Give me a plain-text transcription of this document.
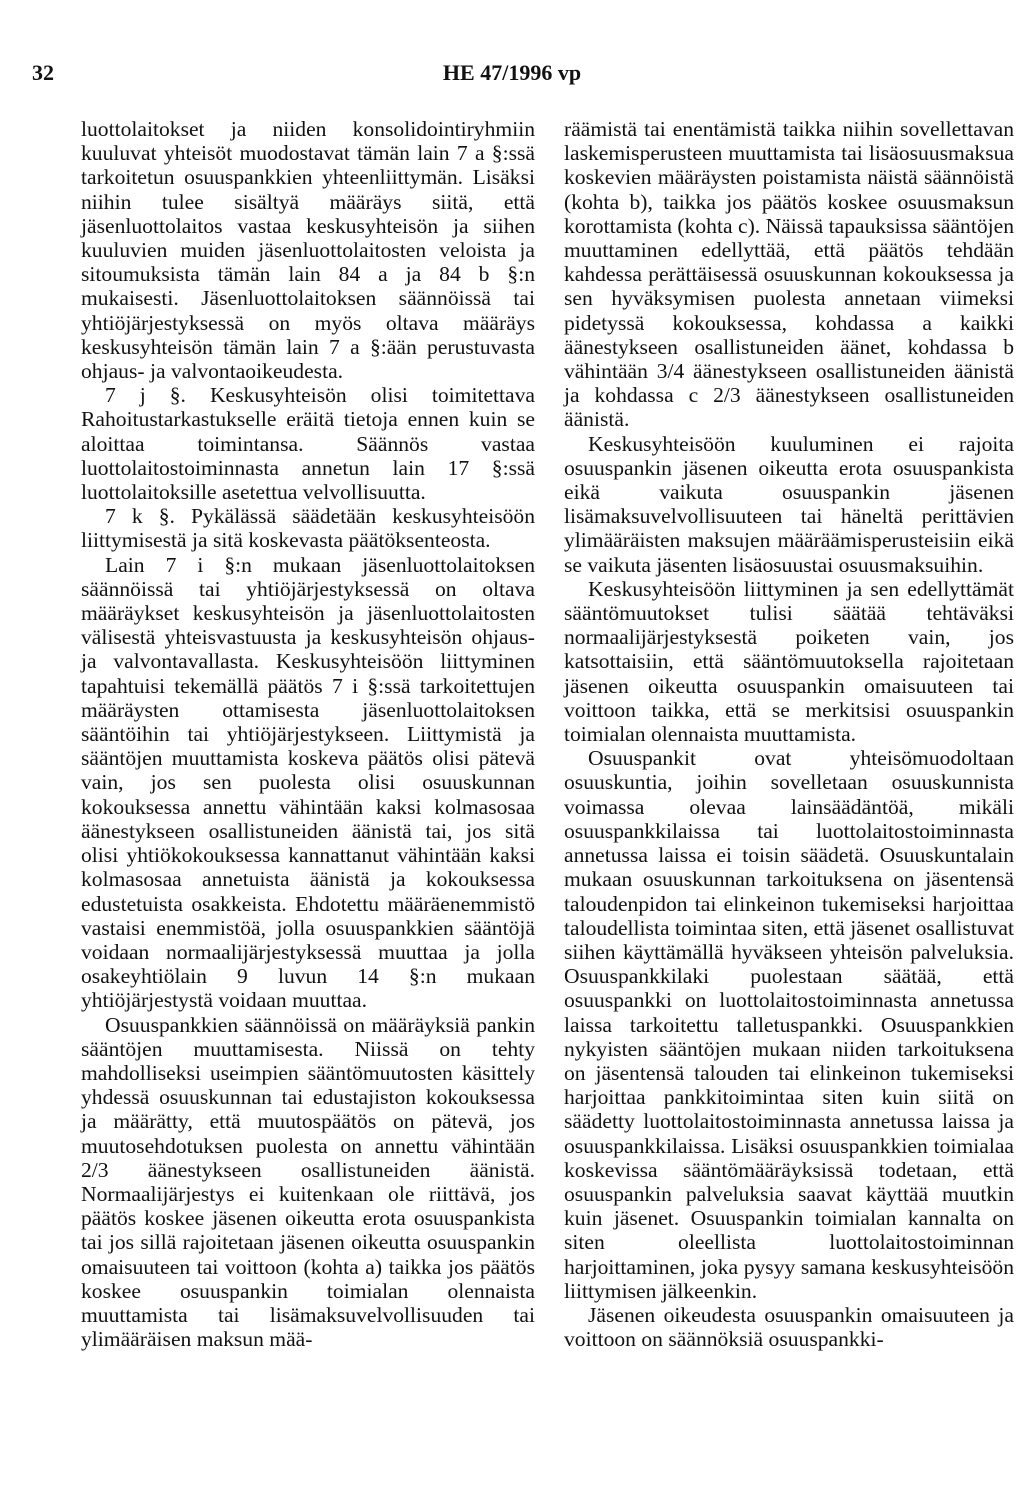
32	HE 47/1996 vp

luottolaitokset ja niiden konsolidointiryhmiin kuuluvat yhteisöt muodostavat tämän lain 7 a §:ssä tarkoitetun osuuspankkien yhteenliittymän. Lisäksi niihin tulee sisältyä määräys siitä, että jäsenluottolaitos vastaa keskusyhteisön ja siihen kuuluvien muiden jäsenluottolaitosten veloista ja sitoumuksista tämän lain 84 a ja 84 b §:n mukaisesti. Jäsenluottolaitoksen säännöissä tai yhtiöjärjestyksessä on myös oltava määräys keskusyhteisön tämän lain 7 a §:ään perustuvasta ohjaus- ja valvontaoikeudesta.

7 j §. Keskusyhteisön olisi toimitettava Rahoitustarkastukselle eräitä tietoja ennen kuin se aloittaa toimintansa. Säännös vastaa luottolaitostoiminnasta annetun lain 17 §:ssä luottolaitoksille asetettua velvollisuutta.

7 k §. Pykälässä säädetään keskusyhteisöön liittymisestä ja sitä koskevasta päätöksenteosta.

Lain 7 i §:n mukaan jäsenluottolaitoksen säännöissä tai yhtiöjärjestyksessä on oltava määräykset keskusyhteisön ja jäsenluottolaitosten välisestä yhteisvastuusta ja keskusyhteisön ohjaus- ja valvontavallasta. Keskusyhteisöön liittyminen tapahtuisi tekemällä päätös 7 i §:ssä tarkoitettujen määräysten ottamisesta jäsenluottolaitoksen sääntöihin tai yhtiöjärjestykseen. Liittymistä ja sääntöjen muuttamista koskeva päätös olisi pätevä vain, jos sen puolesta olisi osuuskunnan kokouksessa annettu vähintään kaksi kolmasosaa äänestykseen osallistuneiden äänistä tai, jos sitä olisi yhtiökokouksessa kannattanut vähintään kaksi kolmasosaa annetuista äänistä ja kokouksessa edustetuista osakkeista. Ehdotettu määräenemmistö vastaisi enemmistöä, jolla osuuspankkien sääntöjä voidaan normaalijärjestyksessä muuttaa ja jolla osakeyhtiölain 9 luvun 14 §:n mukaan yhtiöjärjestystä voidaan muuttaa.

Osuuspankkien säännöissä on määräyksiä pankin sääntöjen muuttamisesta. Niissä on tehty mahdolliseksi useimpien sääntömuutosten käsittely yhdessä osuuskunnan tai edustajiston kokouksessa ja määrätty, että muutospäätös on pätevä, jos muutosehdotuksen puolesta on annettu vähintään 2/3 äänestykseen osallistuneiden äänistä. Normaalijärjestys ei kuitenkaan ole riittävä, jos päätös koskee jäsenen oikeutta erota osuuspankista tai jos sillä rajoitetaan jäsenen oikeutta osuuspankin omaisuuteen tai voittoon (kohta a) taikka jos päätös koskee osuuspankin toimialan olennaista muuttamista tai lisämaksuvelvollisuuden tai ylimääräisen maksun mää-

räämistä tai enentämistä taikka niihin sovellettavan laskemisperusteen muuttamista tai lisäosuusmaksua koskevien määräysten poistamista näistä säännöistä (kohta b), taikka jos päätös koskee osuusmaksun korottamista (kohta c). Näissä tapauksissa sääntöjen muuttaminen edellyttää, että päätös tehdään kahdessa perättäisessä osuuskunnan kokouksessa ja sen hyväksymisen puolesta annetaan viimeksi pidetyssä kokouksessa, kohdassa a kaikki äänestykseen osallistuneiden äänet, kohdassa b vähintään 3/4 äänestykseen osallistuneiden äänistä ja kohdassa c 2/3 äänestykseen osallistuneiden äänistä.

Keskusyhteisöön kuuluminen ei rajoita osuuspankin jäsenen oikeutta erota osuuspankista eikä vaikuta osuuspankin jäsenen lisämaksuvelvollisuuteen tai häneltä perittävien ylimääräisten maksujen määräämisperusteisiin eikä se vaikuta jäsenten lisäosuustai osuusmaksuihin.

Keskusyhteisöön liittyminen ja sen edellyttämät sääntömuutokset tulisi säätää tehtäväksi normaalijärjestyksestä poiketen vain, jos katsottaisiin, että sääntömuutoksella rajoitetaan jäsenen oikeutta osuuspankin omaisuuteen tai voittoon taikka, että se merkitsisi osuuspankin toimialan olennaista muuttamista.

Osuuspankit ovat yhteisömuodoltaan osuuskuntia, joihin sovelletaan osuuskunnista voimassa olevaa lainsäädäntöä, mikäli osuuspankkilaissa tai luottolaitostoiminnasta annetussa laissa ei toisin säädetä. Osuuskuntalain mukaan osuuskunnan tarkoituksena on jäsentensä taloudenpidon tai elinkeinon tukemiseksi harjoittaa taloudellista toimintaa siten, että jäsenet osallistuvat siihen käyttämällä hyväkseen yhteisön palveluksia. Osuuspankkilaki puolestaan säätää, että osuuspankki on luottolaitostoiminnasta annetussa laissa tarkoitettu talletuspankki. Osuuspankkien nykyisten sääntöjen mukaan niiden tarkoituksena on jäsentensä talouden tai elinkeinon tukemiseksi harjoittaa pankkitoimintaa siten kuin siitä on säädetty luottolaitostoiminnasta annetussa laissa ja osuuspankkilaissa. Lisäksi osuuspankkien toimialaa koskevissa sääntömääräyksissä todetaan, että osuuspankin palveluksia saavat käyttää muutkin kuin jäsenet. Osuuspankin toimialan kannalta on siten oleellista luottolaitostoiminnan harjoittaminen, joka pysyy samana keskusyhteisöön liittymisen jälkeenkin.

Jäsenen oikeudesta osuuspankin omaisuuteen ja voittoon on säännöksiä osuuspankki-
